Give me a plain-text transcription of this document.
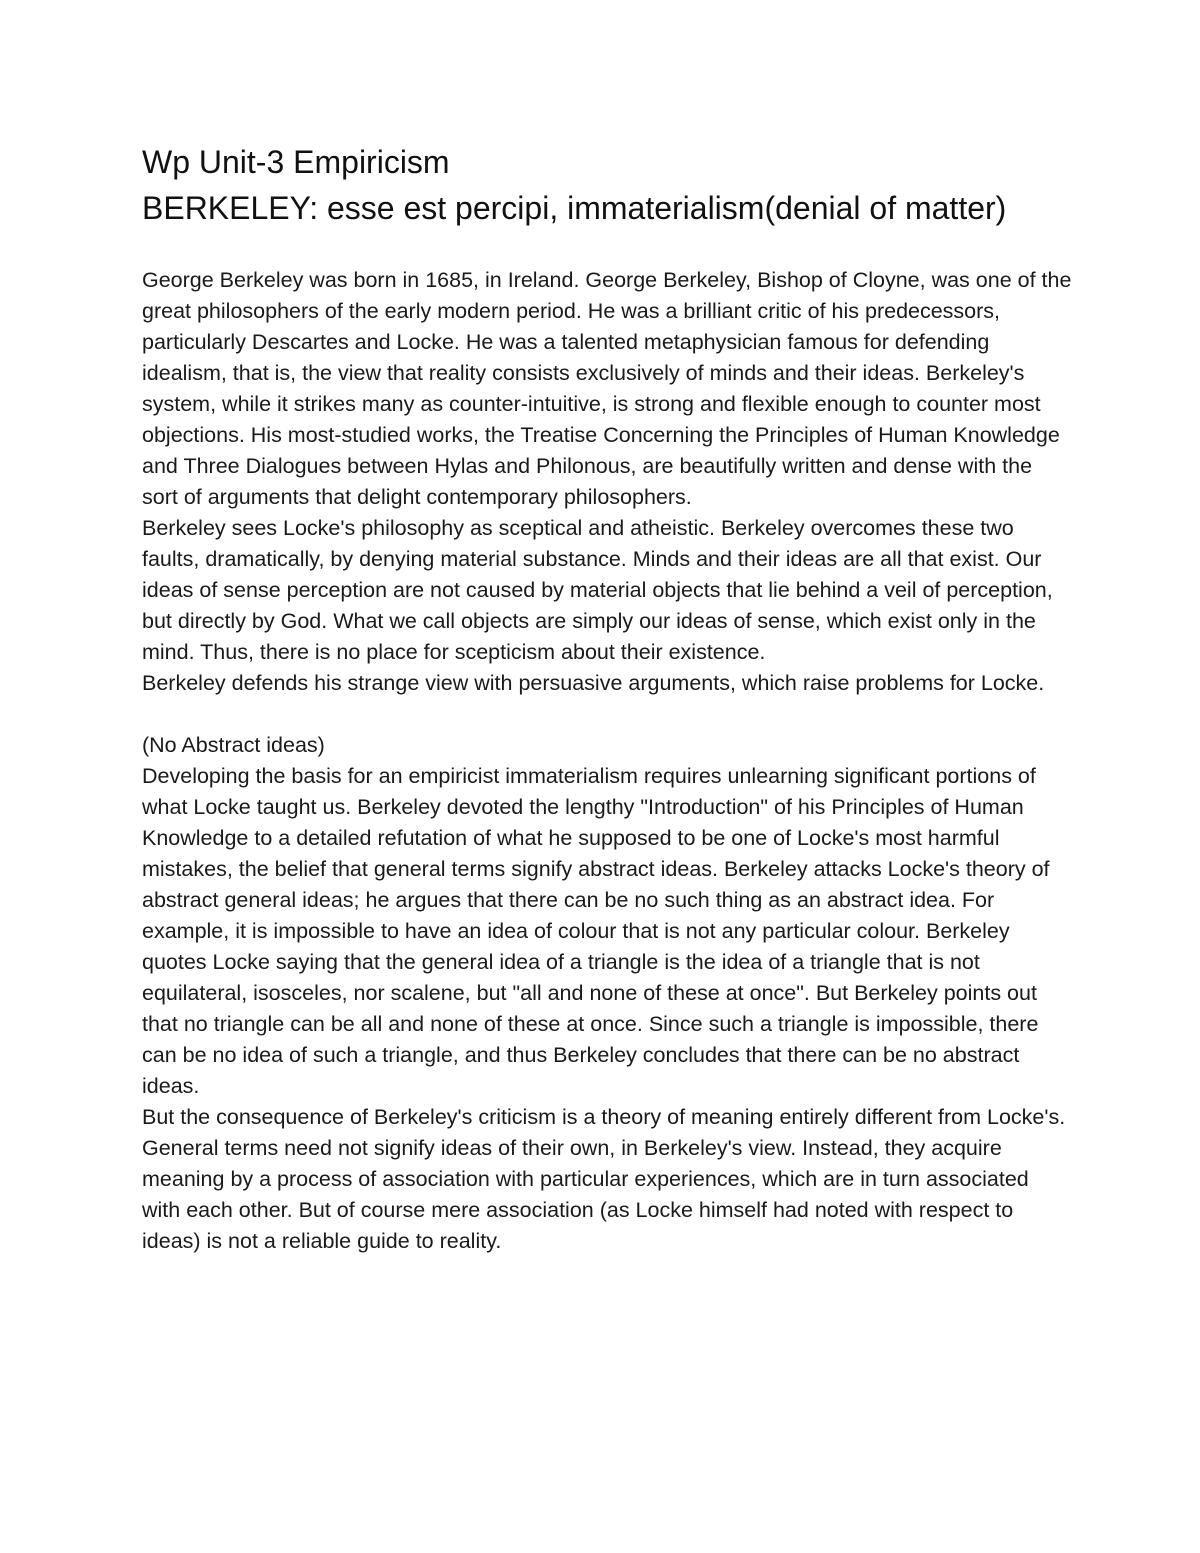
Wp Unit-3 Empiricism
BERKELEY: esse est percipi, immaterialism(denial of matter)

George Berkeley was born in 1685, in Ireland. George Berkeley, Bishop of Cloyne, was one of the great philosophers of the early modern period. He was a brilliant critic of his predecessors, particularly Descartes and Locke. He was a talented metaphysician famous for defending idealism, that is, the view that reality consists exclusively of minds and their ideas. Berkeley's system, while it strikes many as counter-intuitive, is strong and flexible enough to counter most objections. His most-studied works, the Treatise Concerning the Principles of Human Knowledge and Three Dialogues between Hylas and Philonous, are beautifully written and dense with the sort of arguments that delight contemporary philosophers.

Berkeley sees Locke's philosophy as sceptical and atheistic. Berkeley overcomes these two faults, dramatically, by denying material substance. Minds and their ideas are all that exist. Our ideas of sense perception are not caused by material objects that lie behind a veil of perception, but directly by God. What we call objects are simply our ideas of sense, which exist only in the mind. Thus, there is no place for scepticism about their existence.

Berkeley defends his strange view with persuasive arguments, which raise problems for Locke.

(No Abstract ideas)

Developing the basis for an empiricist immaterialism requires unlearning significant portions of what Locke taught us. Berkeley devoted the lengthy "Introduction" of his Principles of Human Knowledge to a detailed refutation of what he supposed to be one of Locke's most harmful mistakes, the belief that general terms signify abstract ideas. Berkeley attacks Locke's theory of abstract general ideas; he argues that there can be no such thing as an abstract idea. For example, it is impossible to have an idea of colour that is not any particular colour. Berkeley quotes Locke saying that the general idea of a triangle is the idea of a triangle that is not equilateral, isosceles, nor scalene, but "all and none of these at once". But Berkeley points out that no triangle can be all and none of these at once. Since such a triangle is impossible, there can be no idea of such a triangle, and thus Berkeley concludes that there can be no abstract ideas.

But the consequence of Berkeley's criticism is a theory of meaning entirely different from Locke's. General terms need not signify ideas of their own, in Berkeley's view. Instead, they acquire meaning by a process of association with particular experiences, which are in turn associated with each other. But of course mere association (as Locke himself had noted with respect to ideas) is not a reliable guide to reality.
